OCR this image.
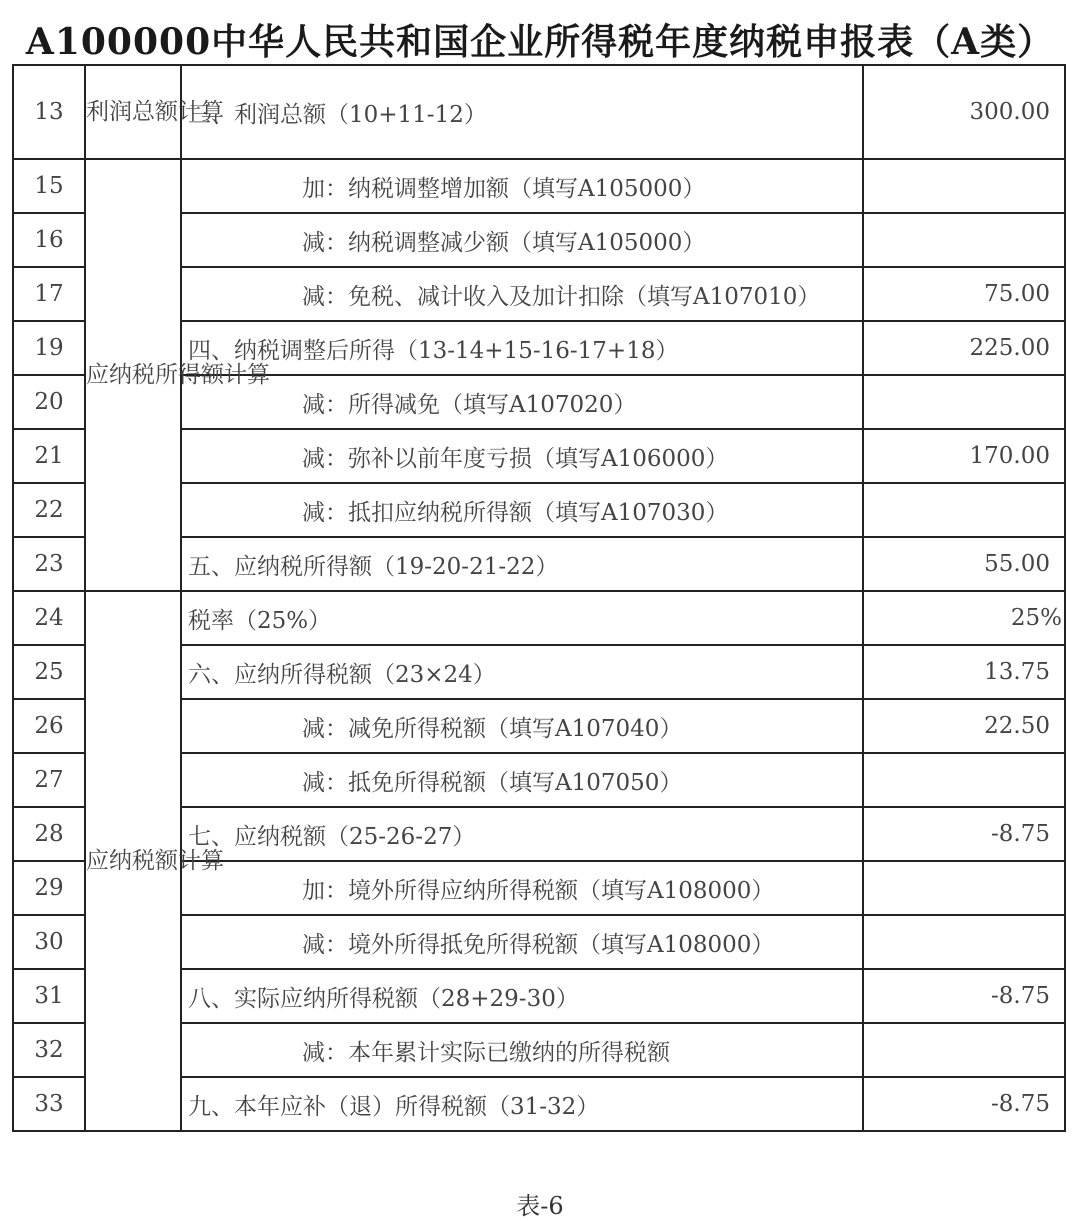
A100000中华人民共和国企业所得税年度纳税申报表（A类）
13	利润总额计算	三、利润总额（10+11-12）	300.00
15	应纳税所得额计算	加：纳税调整增加额（填写A105000）	
16		减：纳税调整减少额（填写A105000）	
17		减：免税、减计收入及加计扣除（填写A107010）	75.00
19		四、纳税调整后所得（13-14+15-16-17+18）	225.00
20		减：所得减免（填写A107020）	
21		减：弥补以前年度亏损（填写A106000）	170.00
22		减：抵扣应纳税所得额（填写A107030）	
23		五、应纳税所得额（19-20-21-22）	55.00
24	应纳税额计算	税率（25%）	25%
25		六、应纳所得税额（23×24）	13.75
26		减：减免所得税额（填写A107040）	22.50
27		减：抵免所得税额（填写A107050）	
28		七、应纳税额（25-26-27）	-8.75
29		加：境外所得应纳所得税额（填写A108000）	
30		减：境外所得抵免所得税额（填写A108000）	
31		八、实际应纳所得税额（28+29-30）	-8.75
32		减：本年累计实际已缴纳的所得税额	
33		九、本年应补（退）所得税额（31-32）	-8.75
表-6
